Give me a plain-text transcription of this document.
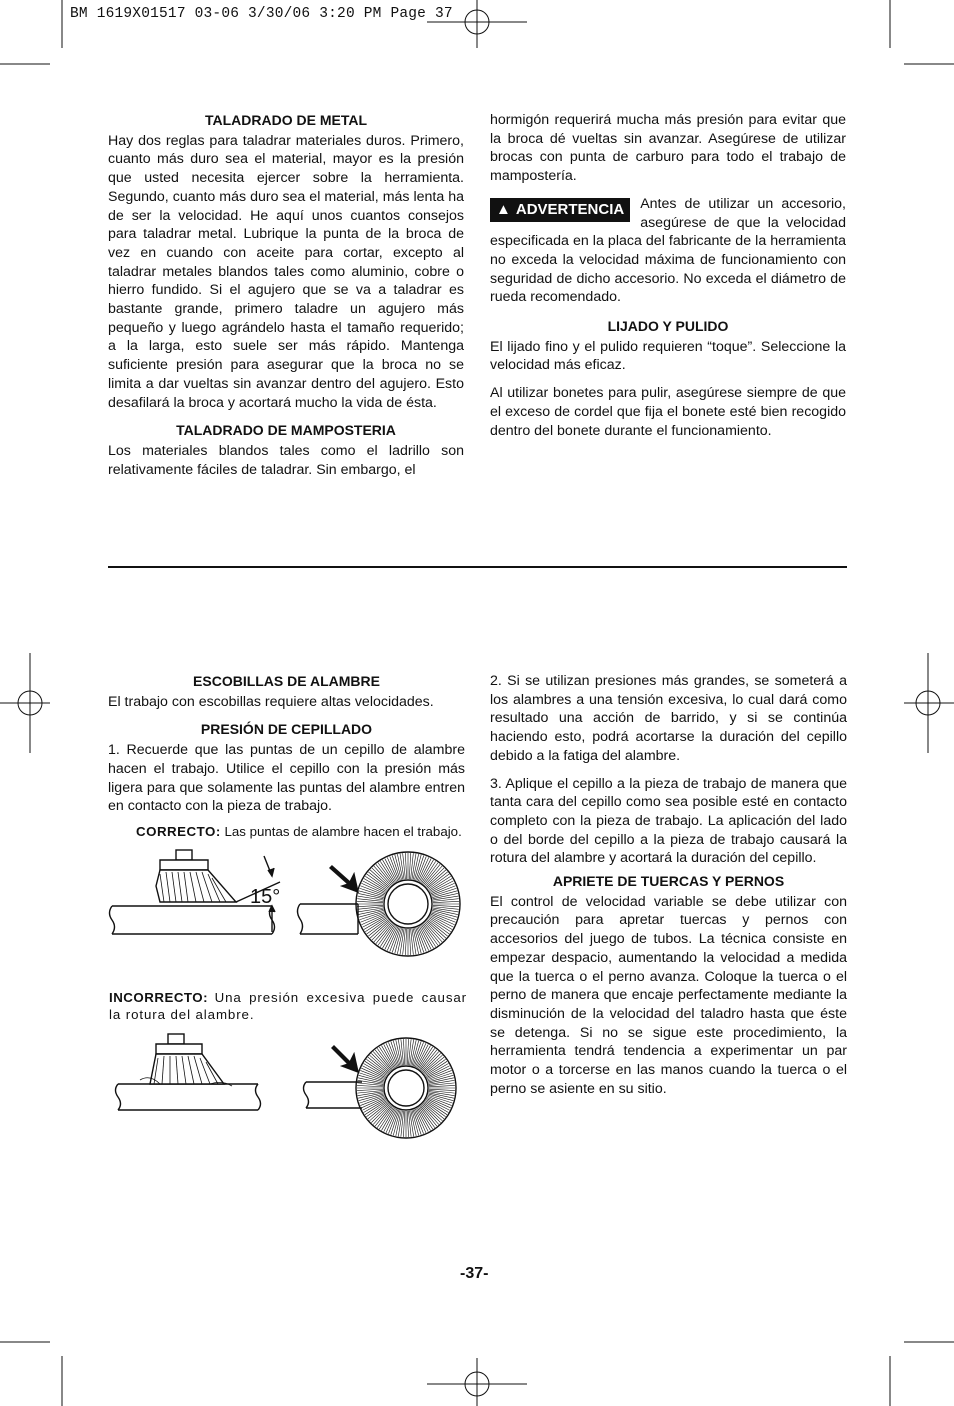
BM 1619X01517 03-06 3/30/06 3:20 PM Page 37
TALADRADO DE METAL

Hay dos reglas para taladrar materiales duros. Primero, cuanto más duro sea el material, mayor es la presión que usted necesita ejercer sobre la herramienta. Segundo, cuanto más duro sea el material, más lenta ha de ser la velocidad. He aquí unos cuantos consejos para taladrar metal. Lubrique la punta de la broca de vez en cuando con aceite para cortar, excepto al taladrar metales blandos tales como aluminio, cobre o hierro fundido. Si el agujero que se va a taladrar es bastante grande, primero taladre un agujero más pequeño y luego agrándelo hasta el tamaño requerido; a la larga, esto suele ser más rápido. Mantenga suficiente presión para asegurar que la broca no se limita a dar vueltas sin avanzar dentro del agujero. Esto desafilará la broca y acortará mucho la vida de ésta.

TALADRADO DE MAMPOSTERIA

Los materiales blandos tales como el ladrillo son relativamente fáciles de taladrar. Sin embargo, el

hormigón requerirá mucha más presión para evitar que la broca dé vueltas sin avanzar. Asegúrese de utilizar brocas con punta de carburo para todo el trabajo de mampostería.

▲ ADVERTENCIA	Antes de utilizar un accesorio, asegúrese de que la velocidad especificada en la placa del fabricante de la herramienta no exceda la velocidad máxima de funcionamiento con seguridad de dicho accesorio. No exceda el diámetro de rueda recomendado.

LIJADO Y PULIDO

El lijado fino y el pulido requieren “toque”. Seleccione la velocidad más eficaz.

Al utilizar bonetes para pulir, asegúrese siempre de que el exceso de cordel que fija el bonete esté bien recogido dentro del bonete durante el funcionamiento.

ESCOBILLAS DE ALAMBRE

El trabajo con escobillas requiere altas velocidades.

PRESIÓN DE CEPILLADO

1. Recuerde que las puntas de un cepillo de alambre hacen el trabajo. Utilice el cepillo con la presión más ligera para que solamente las puntas del alambre entren en contacto con la pieza de trabajo.

CORRECTO: Las puntas de alambre hacen el trabajo.
15°
INCORRECTO: Una presión excesiva puede causar la rotura del alambre.

2. Si se utilizan presiones más grandes, se someterá a los alambres a una tensión excesiva, lo cual dará como resultado una acción de barrido, y si se continúa haciendo esto, podrá acortarse la duración del cepillo debido a la fatiga del alambre.

3. Aplique el cepillo a la pieza de trabajo de manera que tanta cara del cepillo como sea posible esté en contacto completo con la pieza de trabajo. La aplicación del lado o del borde del cepillo a la pieza de trabajo causará la rotura del alambre y acortará la duración del cepillo.

APRIETE DE TUERCAS Y PERNOS

El control de velocidad variable se debe utilizar con precaución para apretar tuercas y pernos con accesorios del juego de tubos. La técnica consiste en empezar despacio, aumentando la velocidad a medida que la tuerca o el perno avanza. Coloque la tuerca o el perno de manera que encaje perfectamente mediante la disminución de la velocidad del taladro hasta que éste se detenga. Si no se sigue este procedimiento, la herramienta tendrá tendencia a experimentar un par motor o a torcerse en las manos cuando la tuerca o el perno se asiente en su sitio.

-37-
